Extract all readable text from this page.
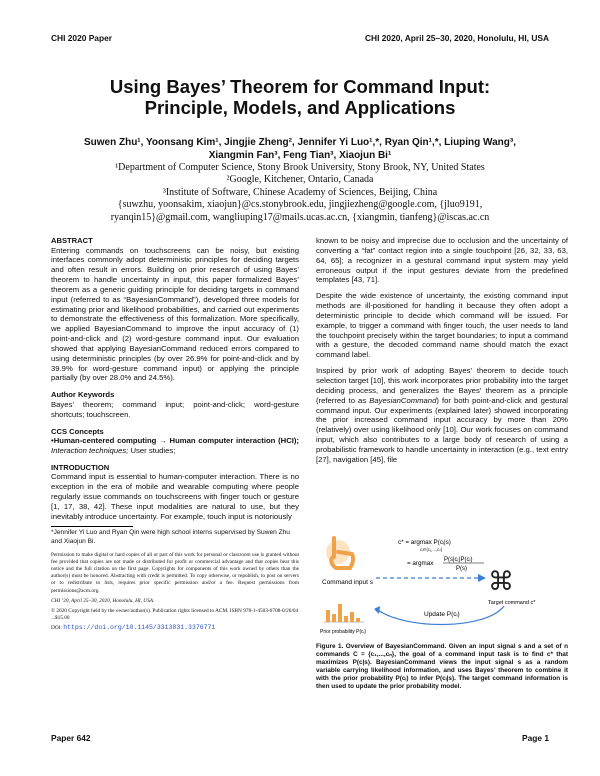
CHI 2020 Paper	CHI 2020, April 25–30, 2020, Honolulu, HI, USA
Using Bayes’ Theorem for Command Input:
Principle, Models, and Applications
Suwen Zhu¹, Yoonsang Kim¹, Jingjie Zheng², Jennifer Yi Luo¹,*, Ryan Qin¹,*, Liuping Wang³,
Xiangmin Fan³, Feng Tian³, Xiaojun Bi¹
¹Department of Computer Science, Stony Brook University, Stony Brook, NY, United States
²Google, Kitchener, Ontario, Canada
³Institute of Software, Chinese Academy of Sciences, Beijing, China
{suwzhu, yoonsakim, xiaojun}@cs.stonybrook.edu, jingjiezheng@google.com, {jluo9191,
ryanqin15}@gmail.com, wangliuping17@mails.ucas.ac.cn, {xiangmin, tianfeng}@iscas.ac.cn
ABSTRACT

Entering commands on touchscreens can be noisy, but existing interfaces commonly adopt deterministic principles for deciding targets and often result in errors. Building on prior research of using Bayes’ theorem to handle uncertainty in input, this paper formalized Bayes’ theorem as a generic guiding principle for deciding targets in command input (referred to as “BayesianCommand”), developed three models for estimating prior and likelihood probabilities, and carried out experiments to demonstrate the effectiveness of this formalization. More specifically, we applied BayesianCommand to improve the input accuracy of (1) point-and-click and (2) word-gesture command input. Our evaluation showed that applying BayesianCommand reduced errors compared to using deterministic principles (by over 26.9% for point-and-click and by 39.9% for word-gesture command input) or applying the principle partially (by over 28.0% and 24.5%).

Author Keywords

Bayes’ theorem; command input; point-and-click; word-gesture shortcuts; touchscreen.

CCS Concepts

•Human-centered computing → Human computer interaction (HCI); Interaction techniques; User studies;

INTRODUCTION

Command input is essential to human-computer interaction. There is no exception in the era of mobile and wearable computing where people regularly issue commands on touchscreens with finger touch or gesture [1, 17, 38, 42]. These input modalities are natural to use, but they inevitably introduce uncertainty. For example, touch input is notoriously

*Jennifer Yi Luo and Ryan Qin were high school interns supervised by Suwen Zhu and Xiaojun Bi.
Permission to make digital or hard copies of all or part of this work for personal or classroom use is granted without fee provided that copies are not made or distributed for profit or commercial advantage and that copies bear this notice and the full citation on the first page. Copyrights for components of this work owned by others than the author(s) must be honored. Abstracting with credit is permitted. To copy otherwise, or republish, to post on servers or to redistribute to lists, requires prior specific permission and/or a fee. Request permissions from permissions@acm.org.
CHI ’20, April 25–30, 2020, Honolulu, HI, USA.
© 2020 Copyright held by the owner/author(s). Publication rights licensed to ACM. ISBN 978-1-4503-6708-0/20/04 ...$15.00
DOI: https://doi.org/10.1145/3313831.3376771

known to be noisy and imprecise due to occlusion and the uncertainty of converting a “fat” contact region into a single touchpoint [26, 32, 33, 63, 64, 65]; a recognizer in a gestural command input system may yield erroneous output if the input gestures deviate from the predefined templates [43, 71].

Despite the wide existence of uncertainty, the existing command input methods are ill-positioned for handling it because they often adopt a deterministic principle to decide which command will be issued. For example, to trigger a command with finger touch, the user needs to land the touchpoint precisely within the target boundaries; to input a command with a gesture, the decoded command name should match the exact command label.

Inspired by prior work of adopting Bayes’ theorem to decide touch selection target [10], this work incorporates prior probability into the target deciding process, and generalizes the Bayes’ theorem as a principle (referred to as BayesianCommand) for both point-and-click and gestural command input. Our experiments (explained later) showed incorporating the prior increased command input accuracy by more than 20% (relatively) over using likelihood only [10]. Our work focuses on command input, which also contributes to a large body of research of using a probabilistic framework to handle uncertainty in interaction (e.g., text entry [27], navigation [45], file

Command input s
c* = argmax P(cᵢ|s)
cᵢ∈{c₁,...,cₙ}
= argmax P(s|cᵢ)P(cᵢ)
P(s) ⌘
Target command c*
Update P(cᵢ)
Prior probability P(cᵢ)
Figure 1. Overview of BayesianCommand. Given an input signal s and a set of n commands C = {c₁,...,cₙ}, the goal of a command input task is to find c* that maximizes P(c|s). BayesianCommand views the input signal s as a random variable carrying likelihood information, and uses Bayes’ theorem to combine it with the prior probability P(cᵢ) to infer P(cᵢ|s). The target command information is then used to update the prior probability model.
Paper 642	Page 1
